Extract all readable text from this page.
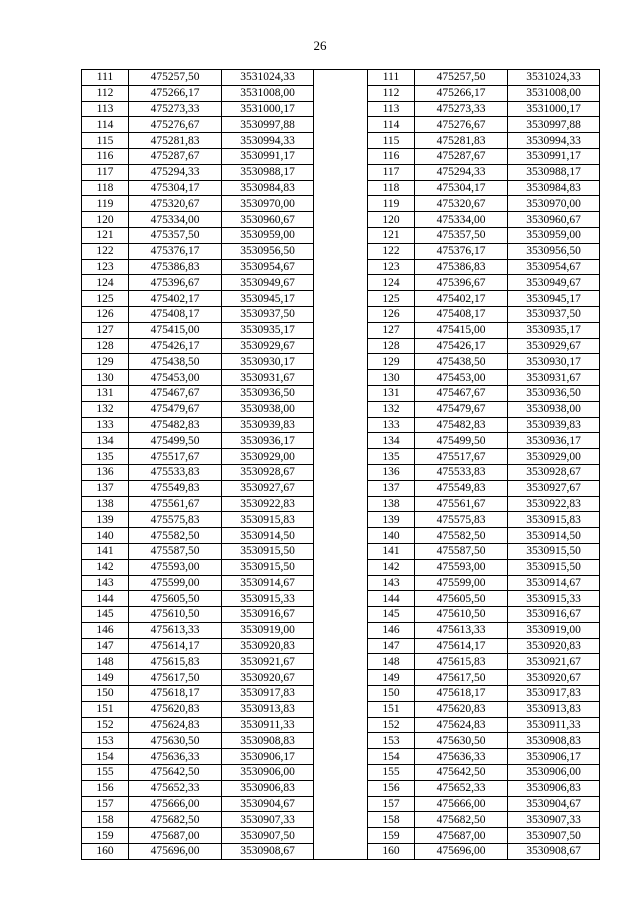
26
111	475257,50	3531024,33		111	475257,50	3531024,33
112	475266,17	3531008,00		112	475266,17	3531008,00
113	475273,33	3531000,17		113	475273,33	3531000,17
114	475276,67	3530997,88		114	475276,67	3530997,88
115	475281,83	3530994,33		115	475281,83	3530994,33
116	475287,67	3530991,17		116	475287,67	3530991,17
117	475294,33	3530988,17		117	475294,33	3530988,17
118	475304,17	3530984,83		118	475304,17	3530984,83
119	475320,67	3530970,00		119	475320,67	3530970,00
120	475334,00	3530960,67		120	475334,00	3530960,67
121	475357,50	3530959,00		121	475357,50	3530959,00
122	475376,17	3530956,50		122	475376,17	3530956,50
123	475386,83	3530954,67		123	475386,83	3530954,67
124	475396,67	3530949,67		124	475396,67	3530949,67
125	475402,17	3530945,17		125	475402,17	3530945,17
126	475408,17	3530937,50		126	475408,17	3530937,50
127	475415,00	3530935,17		127	475415,00	3530935,17
128	475426,17	3530929,67		128	475426,17	3530929,67
129	475438,50	3530930,17		129	475438,50	3530930,17
130	475453,00	3530931,67		130	475453,00	3530931,67
131	475467,67	3530936,50		131	475467,67	3530936,50
132	475479,67	3530938,00		132	475479,67	3530938,00
133	475482,83	3530939,83		133	475482,83	3530939,83
134	475499,50	3530936,17		134	475499,50	3530936,17
135	475517,67	3530929,00		135	475517,67	3530929,00
136	475533,83	3530928,67		136	475533,83	3530928,67
137	475549,83	3530927,67		137	475549,83	3530927,67
138	475561,67	3530922,83		138	475561,67	3530922,83
139	475575,83	3530915,83		139	475575,83	3530915,83
140	475582,50	3530914,50		140	475582,50	3530914,50
141	475587,50	3530915,50		141	475587,50	3530915,50
142	475593,00	3530915,50		142	475593,00	3530915,50
143	475599,00	3530914,67		143	475599,00	3530914,67
144	475605,50	3530915,33		144	475605,50	3530915,33
145	475610,50	3530916,67		145	475610,50	3530916,67
146	475613,33	3530919,00		146	475613,33	3530919,00
147	475614,17	3530920,83		147	475614,17	3530920,83
148	475615,83	3530921,67		148	475615,83	3530921,67
149	475617,50	3530920,67		149	475617,50	3530920,67
150	475618,17	3530917,83		150	475618,17	3530917,83
151	475620,83	3530913,83		151	475620,83	3530913,83
152	475624,83	3530911,33		152	475624,83	3530911,33
153	475630,50	3530908,83		153	475630,50	3530908,83
154	475636,33	3530906,17		154	475636,33	3530906,17
155	475642,50	3530906,00		155	475642,50	3530906,00
156	475652,33	3530906,83		156	475652,33	3530906,83
157	475666,00	3530904,67		157	475666,00	3530904,67
158	475682,50	3530907,33		158	475682,50	3530907,33
159	475687,00	3530907,50		159	475687,00	3530907,50
160	475696,00	3530908,67		160	475696,00	3530908,67
